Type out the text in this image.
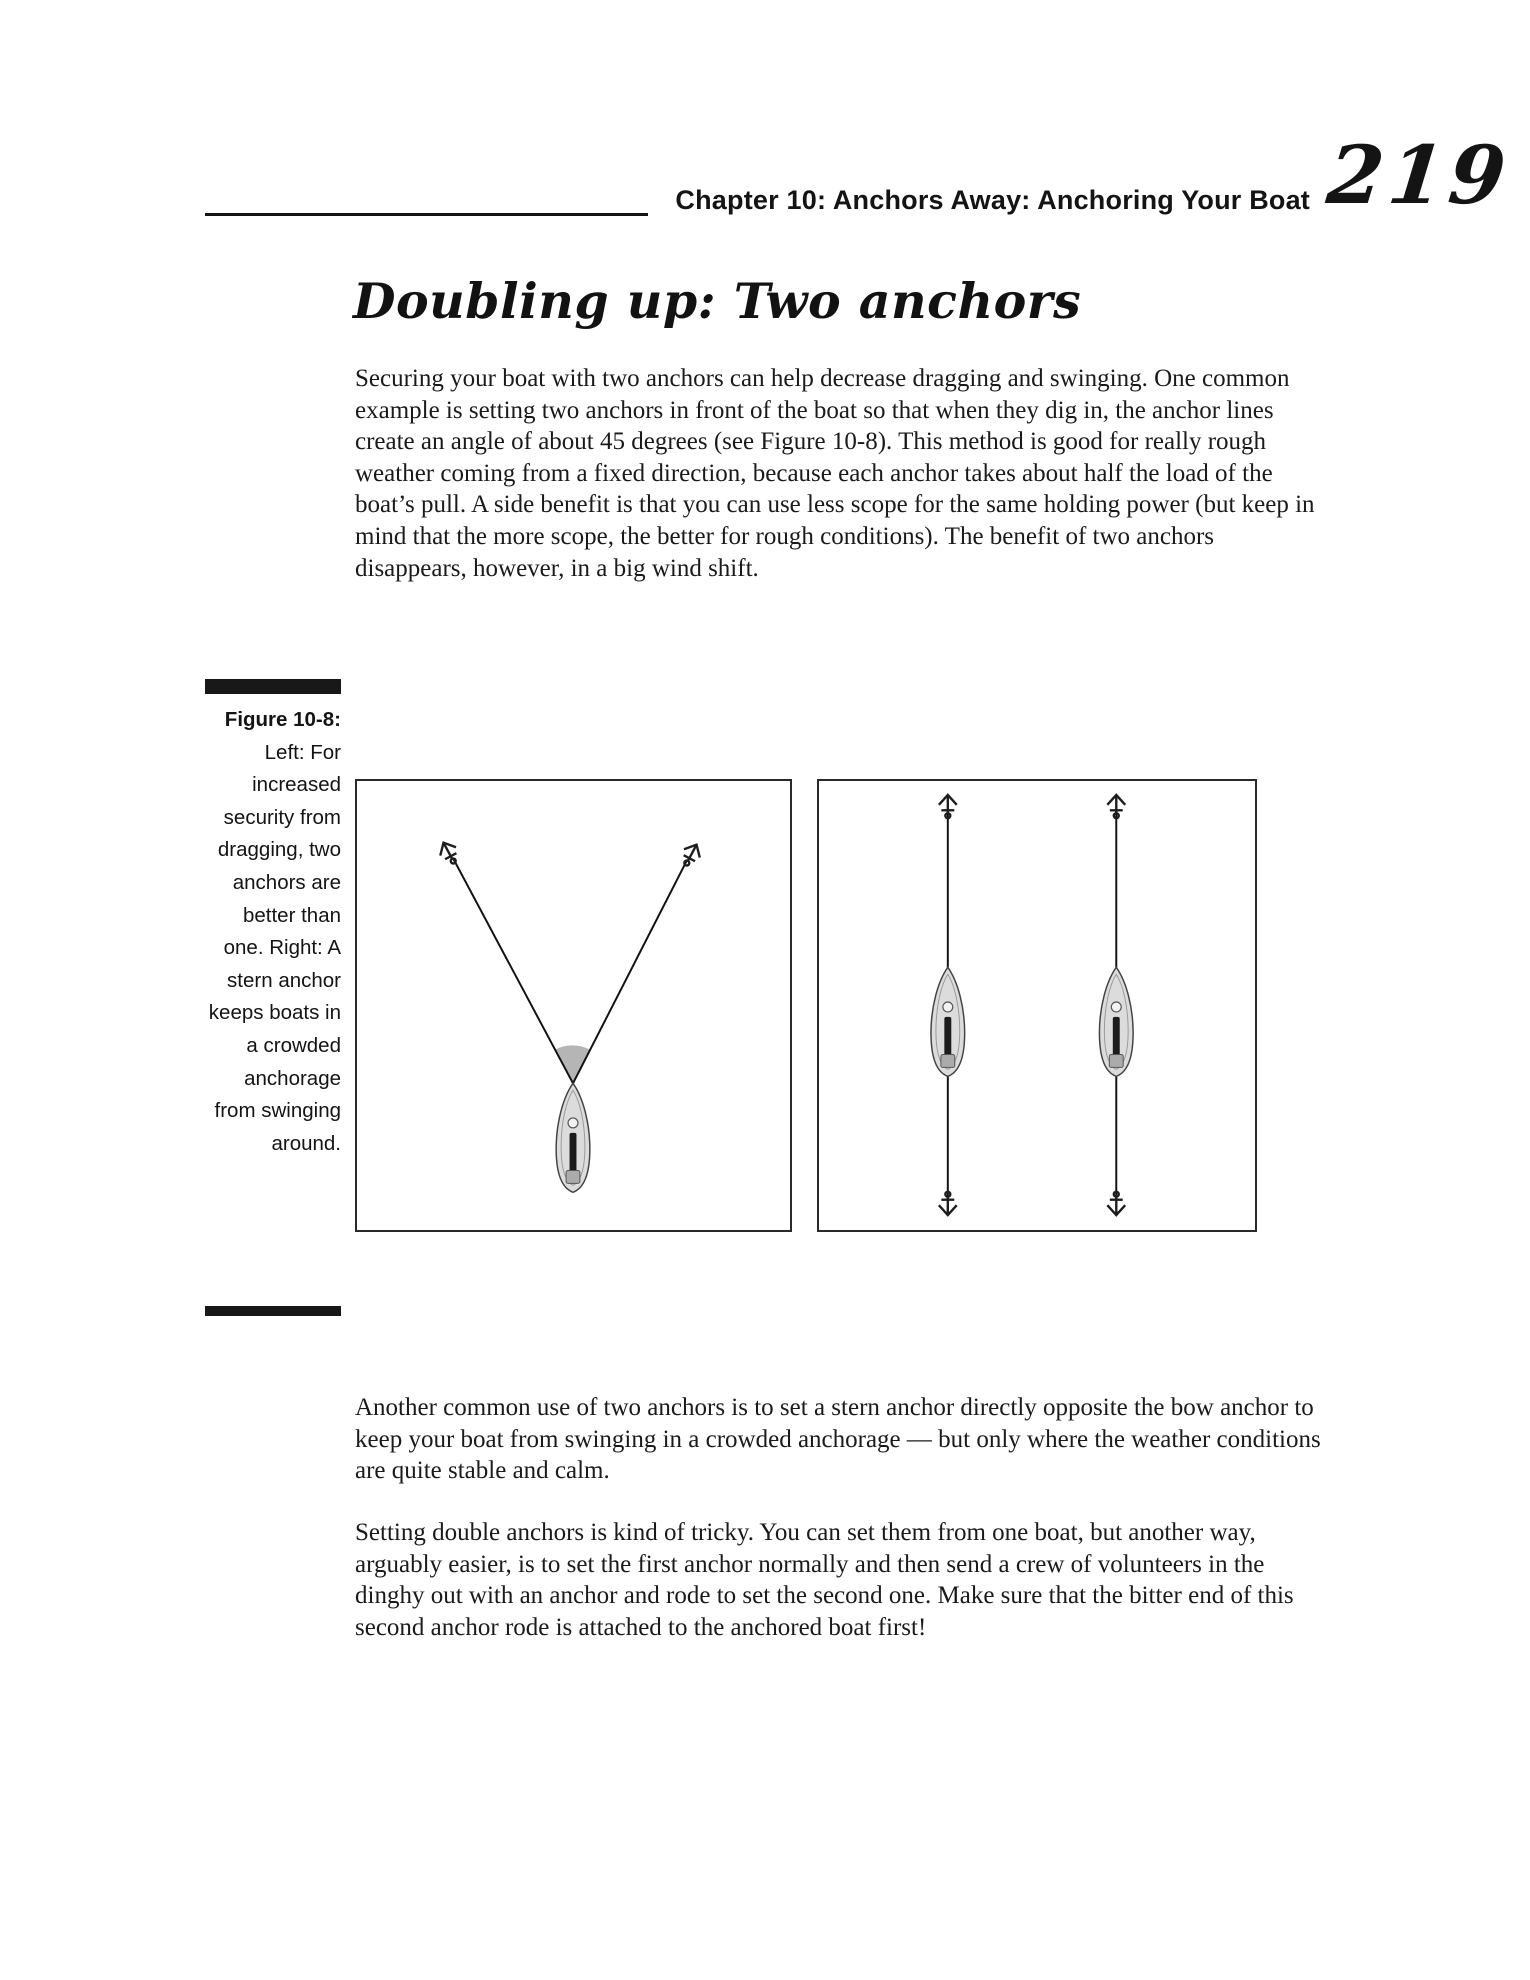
Chapter 10: Anchors Away: Anchoring Your Boat 219
Doubling up: Two anchors

Securing your boat with two anchors can help decrease dragging and swinging. One common example is setting two anchors in front of the boat so that when they dig in, the anchor lines create an angle of about 45 degrees (see Figure 10-8). This method is good for really rough weather coming from a fixed direction, because each anchor takes about half the load of the boat’s pull. A side benefit is that you can use less scope for the same holding power (but keep in mind that the more scope, the better for rough conditions). The benefit of two anchors disappears, however, in a big wind shift.

Figure 10-8:
Left: For increased security from dragging, two anchors are better than one. Right: A stern anchor keeps boats in a crowded anchorage from swinging around.

Another common use of two anchors is to set a stern anchor directly opposite the bow anchor to keep your boat from swinging in a crowded anchorage — but only where the weather conditions are quite stable and calm.

Setting double anchors is kind of tricky. You can set them from one boat, but another way, arguably easier, is to set the first anchor normally and then send a crew of volunteers in the dinghy out with an anchor and rode to set the second one. Make sure that the bitter end of this second anchor rode is attached to the anchored boat first!
